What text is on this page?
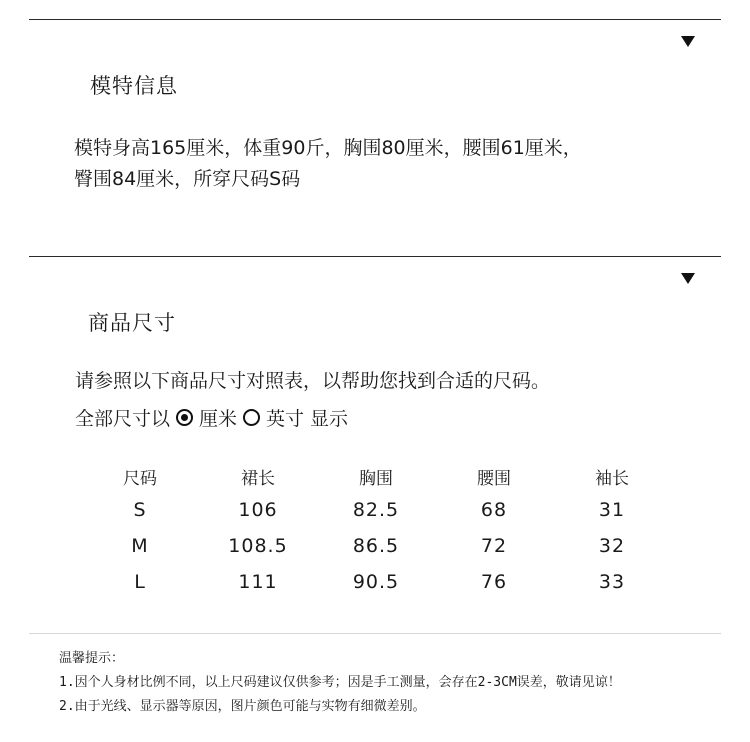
模特信息
模特身高165厘米，体重90斤，胸围80厘米，腰围61厘米，
臀围84厘米，所穿尺码S码
商品尺寸
请参照以下商品尺寸对照表，以帮助您找到合适的尺码。
全部尺寸以 厘米 英寸 显示
尺码	裙长	胸围	腰围	袖长
S	106	82.5	68	31
M	108.5	86.5	72	32
L	111	90.5	76	33
温馨提示：
1.因个人身材比例不同，以上尺码建议仅供参考；因是手工测量，会存在2-3CM误差，敬请见谅！
2.由于光线、显示器等原因，图片颜色可能与实物有细微差别。
